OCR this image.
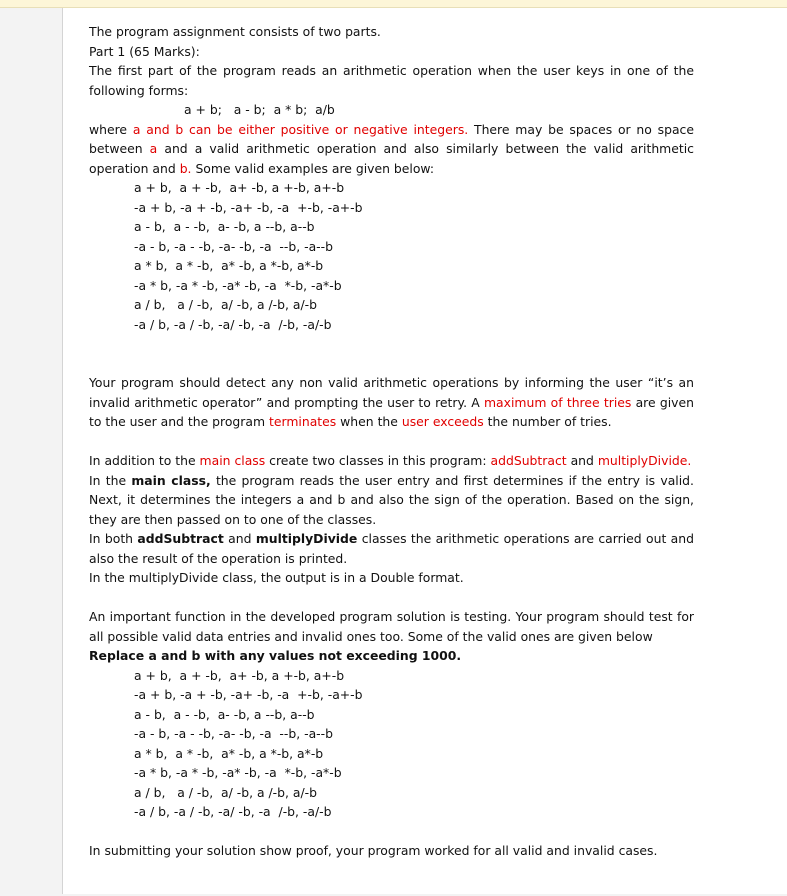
The program assignment consists of two parts.

Part 1 (65 Marks):

The first part of the program reads an arithmetic operation when the user keys in one of the following forms:

a + b;   a - b;  a * b;  a/b

where a and b can be either positive or negative integers. There may be spaces or no space between a and a valid arithmetic operation and also similarly between the valid arithmetic operation and b. Some valid examples are given below:

a + b,  a + -b,  a+ -b, a +-b, a+-b

-a + b, -a + -b, -a+ -b, -a  +-b, -a+-b

a - b,  a - -b,  a- -b, a --b, a--b

-a - b, -a - -b, -a- -b, -a  --b, -a--b

a * b,  a * -b,  a* -b, a *-b, a*-b

-a * b, -a * -b, -a* -b, -a  *-b, -a*-b

a / b,   a / -b,  a/ -b, a /-b, a/-b

-a / b, -a / -b, -a/ -b, -a  /-b, -a/-b

Your program should detect any non valid arithmetic operations by informing the user “it’s an invalid arithmetic operator” and prompting the user to retry. A maximum of three tries are given to the user and the program terminates when the user exceeds the number of tries.

In addition to the main class create two classes in this program: addSubtract and multiplyDivide.

In the main class, the program reads the user entry and first determines if the entry is valid. Next, it determines the integers a and b and also the sign of the operation. Based on the sign, they are then passed on to one of the classes.

In both addSubtract and multiplyDivide classes the arithmetic operations are carried out and also the result of the operation is printed.

In the multiplyDivide class, the output is in a Double format.

An important function in the developed program solution is testing. Your program should test for all possible valid data entries and invalid ones too. Some of the valid ones are given below

Replace a and b with any values not exceeding 1000.

a + b,  a + -b,  a+ -b, a +-b, a+-b

-a + b, -a + -b, -a+ -b, -a  +-b, -a+-b

a - b,  a - -b,  a- -b, a --b, a--b

-a - b, -a - -b, -a- -b, -a  --b, -a--b

a * b,  a * -b,  a* -b, a *-b, a*-b

-a * b, -a * -b, -a* -b, -a  *-b, -a*-b

a / b,   a / -b,  a/ -b, a /-b, a/-b

-a / b, -a / -b, -a/ -b, -a  /-b, -a/-b

In submitting your solution show proof, your program worked for all valid and invalid cases.
